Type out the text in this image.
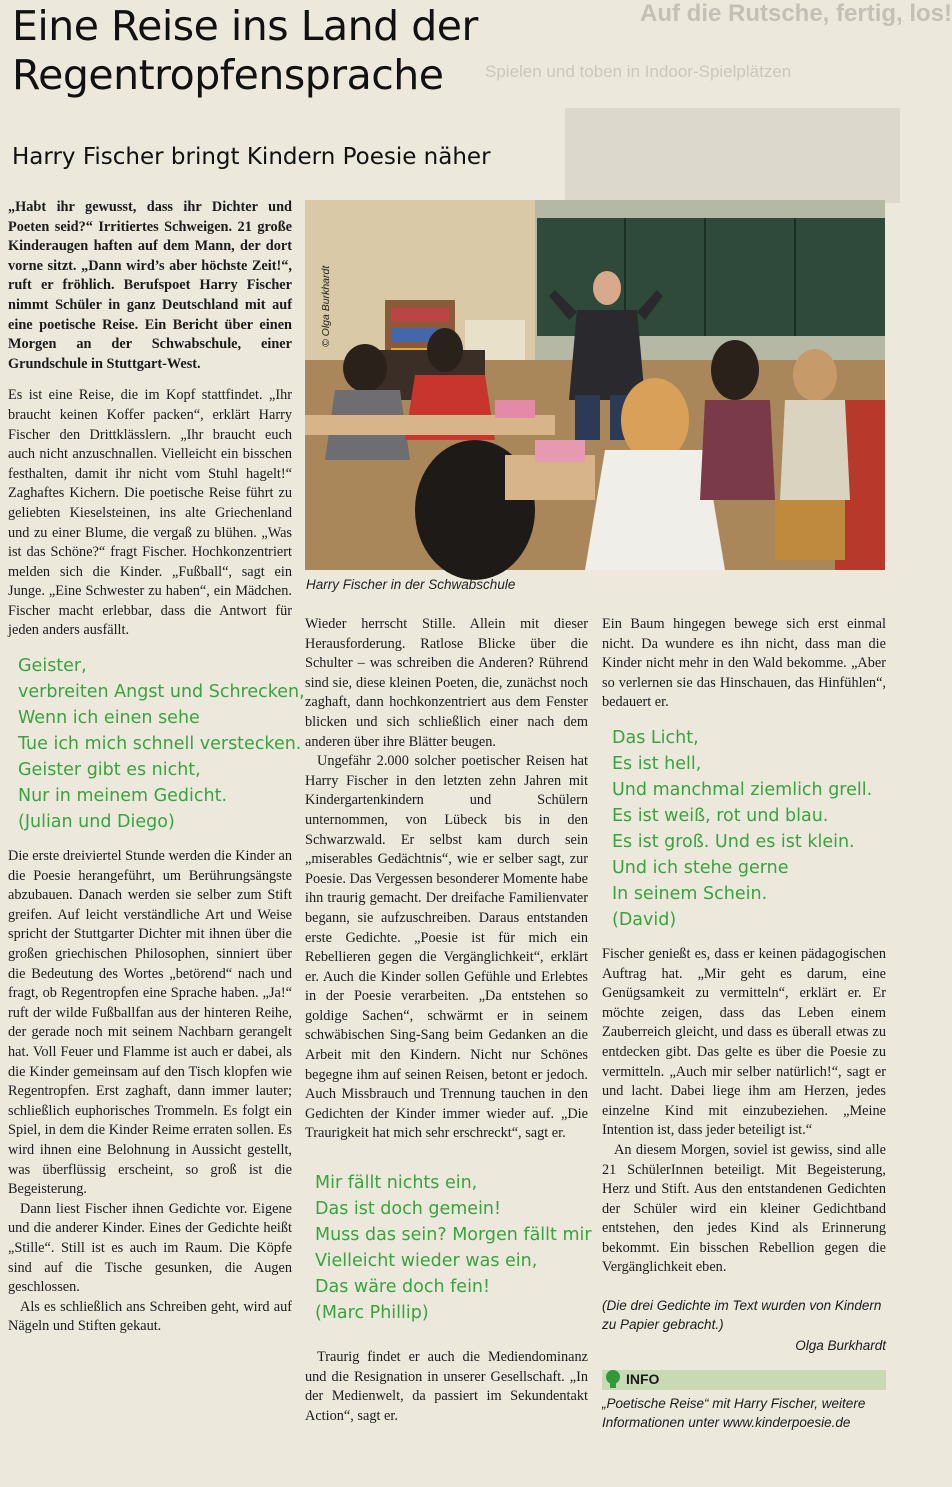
Auf die Rutsche, fertig, los!
Spielen und toben in Indoor-Spielplätzen
Eine Reise ins Land der
Regentropfensprache
Harry Fischer bringt Kindern Poesie näher

„Habt ihr gewusst, dass ihr Dichter und Poeten seid?“ Irritiertes Schweigen. 21 große Kinderaugen haften auf dem Mann, der dort vorne sitzt. „Dann wird’s aber höchste Zeit!“, ruft er fröhlich. Berufspoet Harry Fischer nimmt Schüler in ganz Deutschland mit auf eine poetische Reise. Ein Bericht über einen Morgen an der Schwabschule, einer Grundschule in Stuttgart-West.

Es ist eine Reise, die im Kopf stattfindet. „Ihr braucht keinen Koffer packen“, erklärt Harry Fischer den Drittklässlern. „Ihr braucht euch auch nicht anzuschnallen. Vielleicht ein bisschen festhalten, damit ihr nicht vom Stuhl hagelt!“ Zaghaftes Kichern. Die poetische Reise führt zu geliebten Kieselsteinen, ins alte Griechenland und zu einer Blume, die vergaß zu blühen. „Was ist das Schöne?“ fragt Fischer. Hochkonzentriert melden sich die Kinder. „Fußball“, sagt ein Junge. „Eine Schwester zu haben“, ein Mädchen. Fischer macht erlebbar, dass die Antwort für jeden anders ausfällt.

Geister,
verbreiten Angst und Schrecken,
Wenn ich einen sehe
Tue ich mich schnell verstecken.
Geister gibt es nicht,
Nur in meinem Gedicht.
(Julian und Diego)

Die erste dreiviertel Stunde werden die Kinder an die Poesie herangeführt, um Berührungsängste abzubauen. Danach werden sie selber zum Stift greifen. Auf leicht verständliche Art und Weise spricht der Stuttgarter Dichter mit ihnen über die großen griechischen Philosophen, sinniert über die Bedeutung des Wortes „betörend“ nach und fragt, ob Regentropfen eine Sprache haben. „Ja!“ ruft der wilde Fußballfan aus der hinteren Reihe, der gerade noch mit seinem Nachbarn gerangelt hat. Voll Feuer und Flamme ist auch er dabei, als die Kinder gemeinsam auf den Tisch klopfen wie Regentropfen. Erst zaghaft, dann immer lauter; schließlich euphorisches Trommeln. Es folgt ein Spiel, in dem die Kinder Reime erraten sollen. Es wird ihnen eine Belohnung in Aussicht gestellt, was überflüssig erscheint, so groß ist die Begeisterung.

Dann liest Fischer ihnen Gedichte vor. Eigene und die anderer Kinder. Eines der Gedichte heißt „Stille“. Still ist es auch im Raum. Die Köpfe sind auf die Tische gesunken, die Augen geschlossen.

Als es schließlich ans Schreiben geht, wird auf Nägeln und Stiften gekaut.

© Olga Burkhardt
Harry Fischer in der Schwabschule

Wieder herrscht Stille. Allein mit dieser Herausforderung. Ratlose Blicke über die Schulter – was schreiben die Anderen? Rührend sind sie, diese kleinen Poeten, die, zunächst noch zaghaft, dann hochkonzentriert aus dem Fenster blicken und sich schließlich einer nach dem anderen über ihre Blätter beugen.

Ungefähr 2.000 solcher poetischer Reisen hat Harry Fischer in den letzten zehn Jahren mit Kindergartenkindern und Schülern unternommen, von Lübeck bis in den Schwarzwald. Er selbst kam durch sein „miserables Gedächtnis“, wie er selber sagt, zur Poesie. Das Vergessen besonderer Momente habe ihn traurig gemacht. Der dreifache Familienvater begann, sie aufzuschreiben. Daraus entstanden erste Gedichte. „Poesie ist für mich ein Rebellieren gegen die Vergänglichkeit“, erklärt er. Auch die Kinder sollen Gefühle und Erlebtes in der Poesie verarbeiten. „Da entstehen so goldige Sachen“, schwärmt er in seinem schwäbischen Sing-Sang beim Gedanken an die Arbeit mit den Kindern. Nicht nur Schönes begegne ihm auf seinen Reisen, betont er jedoch. Auch Missbrauch und Trennung tauchen in den Gedichten der Kinder immer wieder auf. „Die Traurigkeit hat mich sehr erschreckt“, sagt er.

Mir fällt nichts ein,
Das ist doch gemein!
Muss das sein? Morgen fällt mir
Vielleicht wieder was ein,
Das wäre doch fein!
(Marc Phillip)

Traurig findet er auch die Mediendominanz und die Resignation in unserer Gesellschaft. „In der Medienwelt, da passiert im Sekundentakt Action“, sagt er.

Ein Baum hingegen bewege sich erst einmal nicht. Da wundere es ihn nicht, dass man die Kinder nicht mehr in den Wald bekomme. „Aber so verlernen sie das Hinschauen, das Hinfühlen“, bedauert er.

Das Licht,
Es ist hell,
Und manchmal ziemlich grell.
Es ist weiß, rot und blau.
Es ist groß. Und es ist klein.
Und ich stehe gerne
In seinem Schein.
(David)

Fischer genießt es, dass er keinen pädagogischen Auftrag hat. „Mir geht es darum, eine Genügsamkeit zu vermitteln“, erklärt er. Er möchte zeigen, dass das Leben einem Zauberreich gleicht, und dass es überall etwas zu entdecken gibt. Das gelte es über die Poesie zu vermitteln. „Auch mir selber natürlich!“, sagt er und lacht. Dabei liege ihm am Herzen, jedes einzelne Kind mit einzubeziehen. „Meine Intention ist, dass jeder beteiligt ist.“

An diesem Morgen, soviel ist gewiss, sind alle 21 SchülerInnen beteiligt. Mit Begeisterung, Herz und Stift. Aus den entstandenen Gedichten der Schüler wird ein kleiner Gedichtband entstehen, den jedes Kind als Erinnerung bekommt. Ein bisschen Rebellion gegen die Vergänglichkeit eben.

(Die drei Gedichte im Text wurden von Kindern zu Papier gebracht.)

Olga Burkhardt

INFO

„Poetische Reise“ mit Harry Fischer, weitere Informationen unter www.kinderpoesie.de
